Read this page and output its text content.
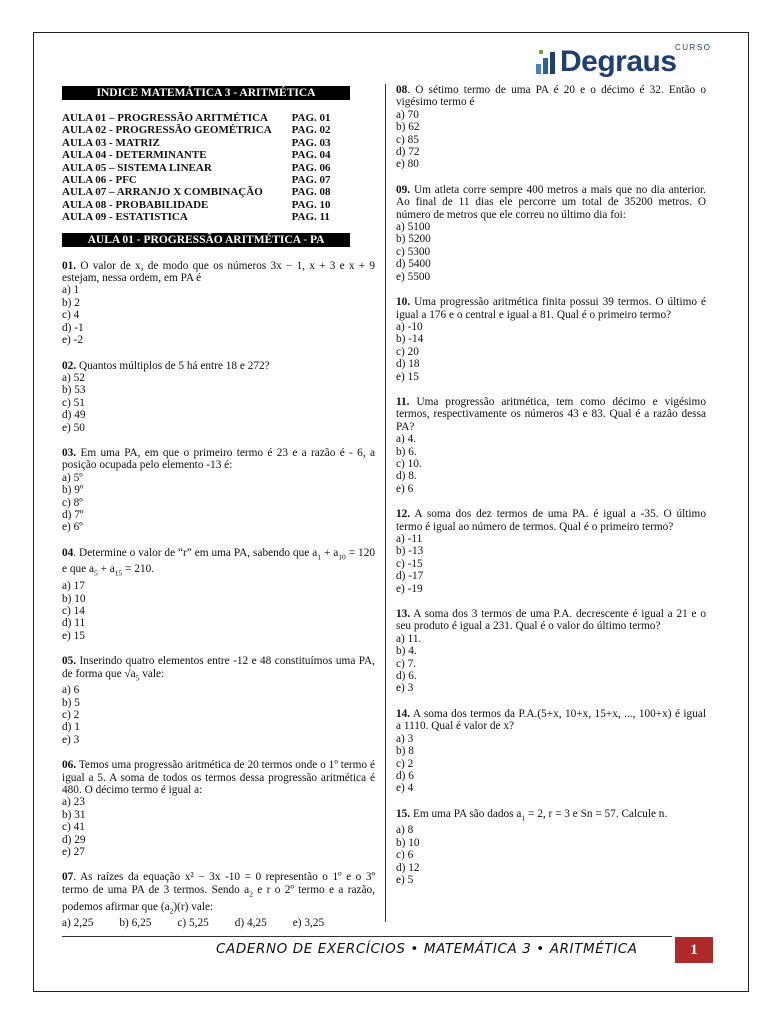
CURSO
Degraus
INDICE MATEMÁTICA 3 - ARITMÉTICA
AULA 01 – PROGRESSÃO ARITMÉTICA	PAG. 01
AULA 02 - PROGRESSÃO GEOMÉTRICA	PAG. 02
AULA 03 - MATRIZ	PAG. 03
AULA 04 - DETERMINANTE	PAG. 04
AULA 05 – SISTEMA LINEAR	PAG. 06
AULA 06 - PFC	PAG. 07
AULA 07 – ARRANJO X COMBINAÇÃO	PAG. 08
AULA 08 - PROBABILIDADE	PAG. 10
AULA 09 - ESTATISTICA	PAG. 11
AULA 01 - PROGRESSÃO ARITMÉTICA - PA
01. O valor de x, de modo que os números 3x − 1, x + 3 e x + 9 estejam, nessa ordem, em PA é
a) 1
b) 2
c) 4
d) -1
e) -2
02. Quantos múltiplos de 5 há entre 18 e 272?
a) 52
b) 53
c) 51
d) 49
e) 50
03. Em uma PA, em que o primeiro termo é 23 e a razão é - 6, a posição ocupada pelo elemento -13 é:
a) 5º
b) 9º
c) 8º
d) 7º
e) 6º
04. Determine o valor de “r” em uma PA, sabendo que $a_1 + a_{10} = 120$ e que $a_5 + a_{15} = 210$.
a) 17
b) 10
c) 14
d) 11
e) 15
05. Inserindo quatro elementos entre -12 e 48 constituímos uma PA, de forma que $√a_5$ vale:
a) 6
b) 5
c) 2
d) 1
e) 3
06. Temos uma progressão aritmética de 20 termos onde o 1º termo é igual a 5. A soma de todos os termos dessa progressão aritmética é 480. O décimo termo é igual a:
a) 23
b) 31
c) 41
d) 29
e) 27
07. As raízes da equação x² − 3x -10 = 0 representão o 1º e o 3º termo de uma PA de 3 termos. Sendo $a_2$ e r o 2º termo e a razão, podemos afirmar que $(a_2)(r)$ vale:
a) 2,25 b) 6,25 c) 5,25 d) 4,25 e) 3,25
08. O sétimo termo de uma PA é 20 e o décimo é 32. Então o vigésimo termo é
a) 70
b) 62
c) 85
d) 72
e) 80
09. Um atleta corre sempre 400 metros a mais que no dia anterior. Ao final de 11 dias ele percorre um total de 35200 metros. O número de metros que ele correu no último dia foi:
a) 5100
b) 5200
c) 5300
d) 5400
e) 5500
10. Uma progressão aritmética finita possui 39 termos. O último é igual a 176 e o central e igual a 81. Qual é o primeiro termo?
a) -10
b) -14
c) 20
d) 18
e) 15
11. Uma progressão aritmética, tem como décimo e vigésimo termos, respectivamente os números 43 e 83. Qual é a razão dessa PA?
a) 4.
b) 6.
c) 10.
d) 8.
e) 6
12. A soma dos dez termos de uma PA. é igual a -35. O último termo é igual ao número de termos. Qual é o primeiro termo?
a) -11
b) -13
c) -15
d) -17
e) -19
13. A soma dos 3 termos de uma P.A. decrescente é igual a 21 e o seu produto é igual a 231. Qual é o valor do último termo?
a) 11.
b) 4.
c) 7.
d) 6.
e) 3
14. A soma dos termos da P.A.(5+x, 10+x, 15+x, ..., 100+x) é igual a 1110. Qual é valor de x?
a) 3
b) 8
c) 2
d) 6
e) 4
15. Em uma PA são dados $a_1 = 2$, r = 3 e Sn = 57. Calcule n.
a) 8
b) 10
c) 6
d) 12
e) 5
CADERNO DE EXERCÍCIOS • MATEMÁTICA 3 • ARITMÉTICA	1
